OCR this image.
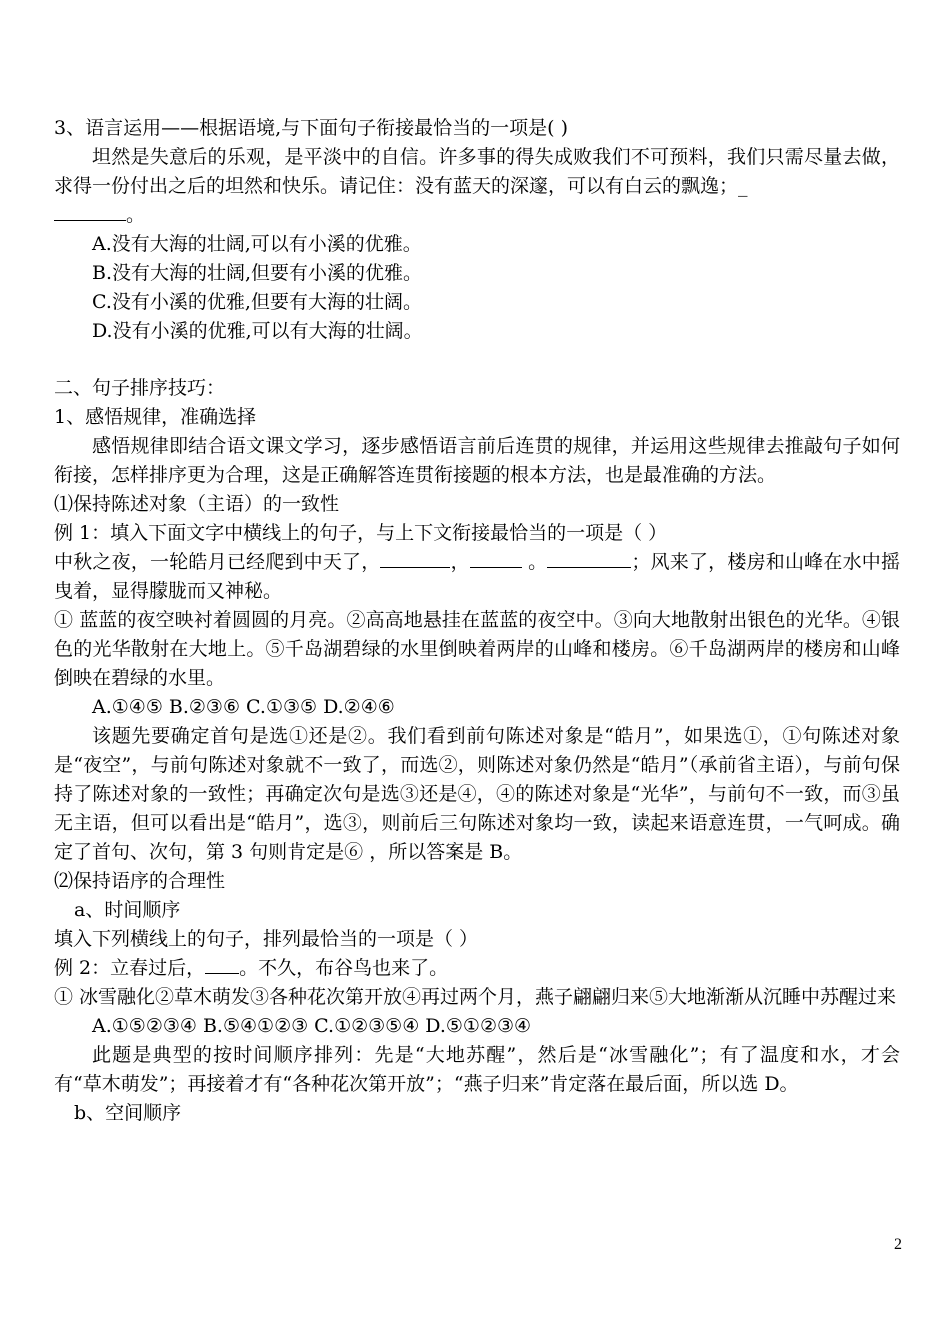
3、语言运用——根据语境,与下面句子衔接最恰当的一项是( )

坦然是失意后的乐观，是平淡中的自信。许多事的得失成败我们不可预料，我们只需尽量去做，求得一份付出之后的坦然和快乐。请记住：没有蓝天的深邃，可以有白云的飘逸；_
。

A.没有大海的壮阔,可以有小溪的优雅。

B.没有大海的壮阔,但要有小溪的优雅。

C.没有小溪的优雅,但要有大海的壮阔。

D.没有小溪的优雅,可以有大海的壮阔。

二、句子排序技巧：

1、感悟规律，准确选择

感悟规律即结合语文课文学习，逐步感悟语言前后连贯的规律，并运用这些规律去推敲句子如何衔接，怎样排序更为合理，这是正确解答连贯衔接题的根本方法，也是最准确的方法。

⑴保持陈述对象（主语）的一致性

例 1：填入下面文字中横线上的句子，与上下文衔接最恰当的一项是（ ）

中秋之夜，一轮皓月已经爬到中天了，	，	。	；风来了，楼房和山峰在水中摇曳着，显得朦胧而又神秘。

① 蓝蓝的夜空映衬着圆圆的月亮。②高高地悬挂在蓝蓝的夜空中。③向大地散射出银色的光华。④银色的光华散射在大地上。⑤千岛湖碧绿的水里倒映着两岸的山峰和楼房。⑥千岛湖两岸的楼房和山峰倒映在碧绿的水里。

A.①④⑤ B.②③⑥ C.①③⑤ D.②④⑥

该题先要确定首句是选①还是②。我们看到前句陈述对象是“皓月”，如果选①，①句陈述对象是“夜空”，与前句陈述对象就不一致了，而选②，则陈述对象仍然是“皓月”（承前省主语），与前句保持了陈述对象的一致性；再确定次句是选③还是④，④的陈述对象是“光华”，与前句不一致，而③虽无主语，但可以看出是“皓月”，选③，则前后三句陈述对象均一致，读起来语意连贯，一气呵成。确定了首句、次句，第 3 句则肯定是⑥ ，所以答案是 B。

⑵保持语序的合理性

a、时间顺序

填入下列横线上的句子，排列最恰当的一项是（ ）

例 2：立春过后， 。不久，布谷鸟也来了。

① 冰雪融化②草木萌发③各种花次第开放④再过两个月，燕子翩翩归来⑤大地渐渐从沉睡中苏醒过来

A.①⑤②③④ B.⑤④①②③ C.①②③⑤④ D.⑤①②③④

此题是典型的按时间顺序排列：先是“大地苏醒”，然后是“冰雪融化”；有了温度和水，才会有“草木萌发”；再接着才有“各种花次第开放”；“燕子归来”肯定落在最后面，所以选 D。

b、空间顺序

2
